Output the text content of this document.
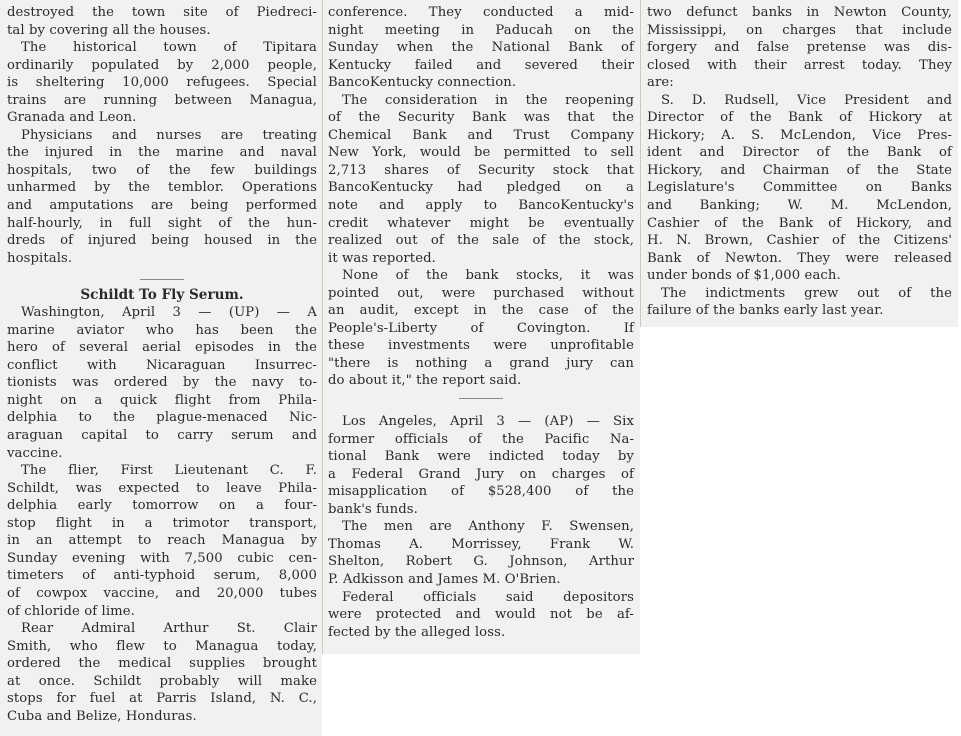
destroyed the town site of Piedreci-
tal by covering all the houses.
The historical town of Tipitara
ordinarily populated by 2,000 people,
is sheltering 10,000 refugees. Special
trains are running between Managua,
Granada and Leon.
Physicians and nurses are treating
the injured in the marine and naval
hospitals, two of the few buildings
unharmed by the temblor. Operations
and amputations are being performed
half-hourly, in full sight of the hun-
dreds of injured being housed in the
hospitals.
Schildt To Fly Serum.
Washington, April 3 — (UP) — A
marine aviator who has been the
hero of several aerial episodes in the
conflict with Nicaraguan Insurrec-
tionists was ordered by the navy to-
night on a quick flight from Phila-
delphia to the plague-menaced Nic-
araguan capital to carry serum and
vaccine.
The flier, First Lieutenant C. F.
Schildt, was expected to leave Phila-
delphia early tomorrow on a four-
stop flight in a trimotor transport,
in an attempt to reach Managua by
Sunday evening with 7,500 cubic cen-
timeters of anti-typhoid serum, 8,000
of cowpox vaccine, and 20,000 tubes
of chloride of lime.
Rear Admiral Arthur St. Clair
Smith, who flew to Managua today,
ordered the medical supplies brought
at once. Schildt probably will make
stops for fuel at Parris Island, N. C.,
Cuba and Belize, Honduras.
conference. They conducted a mid-
night meeting in Paducah on the
Sunday when the National Bank of
Kentucky failed and severed their
BancoKentucky connection.
The consideration in the reopening
of the Security Bank was that the
Chemical Bank and Trust Company
New York, would be permitted to sell
2,713 shares of Security stock that
BancoKentucky had pledged on a
note and apply to BancoKentucky's
credit whatever might be eventually
realized out of the sale of the stock,
it was reported.
None of the bank stocks, it was
pointed out, were purchased without
an audit, except in the case of the
People's-Liberty of Covington. If
these investments were unprofitable
"there is nothing a grand jury can
do about it," the report said.
Los Angeles, April 3 — (AP) — Six
former officials of the Pacific Na-
tional Bank were indicted today by
a Federal Grand Jury on charges of
misapplication of $528,400 of the
bank's funds.
The men are Anthony F. Swensen,
Thomas A. Morrissey, Frank W.
Shelton, Robert G. Johnson, Arthur
P. Adkisson and James M. O'Brien.
Federal officials said depositors
were protected and would not be af-
fected by the alleged loss.
two defunct banks in Newton County,
Mississippi, on charges that include
forgery and false pretense was dis-
closed with their arrest today. They
are:
S. D. Rudsell, Vice President and
Director of the Bank of Hickory at
Hickory; A. S. McLendon, Vice Pres-
ident and Director of the Bank of
Hickory, and Chairman of the State
Legislature's Committee on Banks
and Banking; W. M. McLendon,
Cashier of the Bank of Hickory, and
H. N. Brown, Cashier of the Citizens'
Bank of Newton. They were released
under bonds of $1,000 each.
The indictments grew out of the
failure of the banks early last year.
